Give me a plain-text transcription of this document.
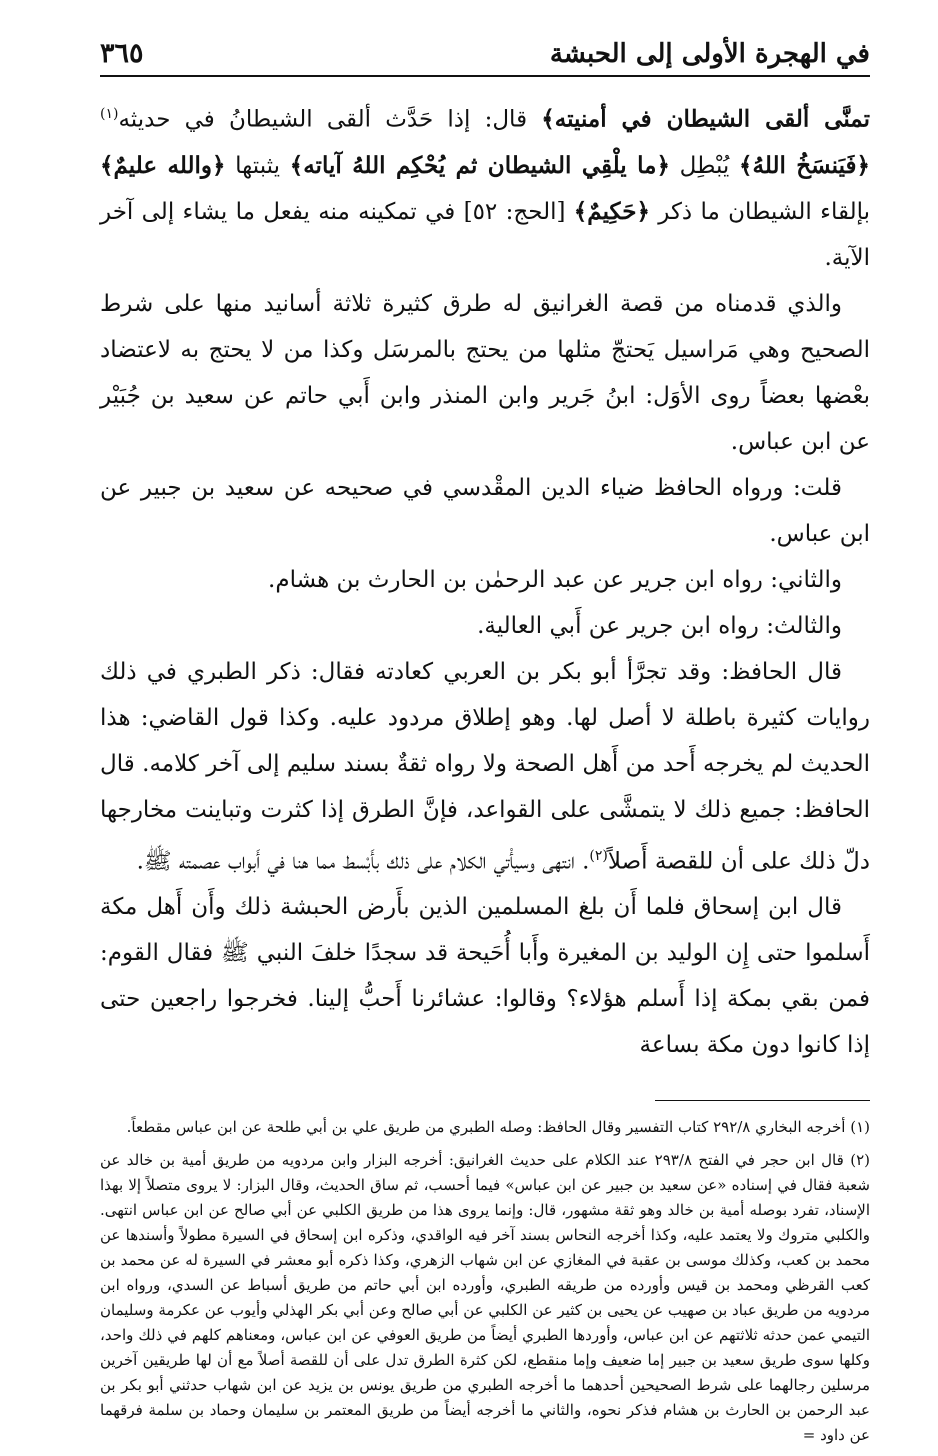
في الهجرة الأولى إلى الحبشة
٣٦٥

تمنَّى ألقى الشيطان في أمنيته﴾ قال: إذا حَدَّث ألقى الشيطانُ في حديثه$^{(١)}$ ﴿فَيَنسَخُ اللهُ﴾ يُبْطِل ﴿ما يلْقِي الشيطان ثم يُحْكِم اللهُ آياته﴾ يثبتها ﴿والله عليمٌ﴾ بإلقاء الشيطان ما ذكر ﴿حَكِيمٌ﴾ [الحج: ٥٢] في تمكينه منه يفعل ما يشاء إلى آخر الآية.

والذي قدمناه من قصة الغرانيق له طرق كثيرة ثلاثة أسانيد منها على شرط الصحيح وهي مَراسيل يَحتجّ مثلها من يحتج بالمرسَل وكذا من لا يحتج به لاعتضاد بعْضها بعضاً روى الأوَل: ابنُ جَرير وابن المنذر وابن أَبي حاتم عن سعيد بن جُبَيْر عن ابن عباس.

قلت: ورواه الحافظ ضياء الدين المقْدسي في صحيحه عن سعيد بن جبير عن ابن عباس.

والثاني: رواه ابن جرير عن عبد الرحمٰن بن الحارث بن هشام.

والثالث: رواه ابن جرير عن أَبي العالية.

قال الحافظ: وقد تجرَّأ أبو بكر بن العربي كعادته فقال: ذكر الطبري في ذلك روايات كثيرة باطلة لا أصل لها. وهو إطلاق مردود عليه. وكذا قول القاضي: هذا الحديث لم يخرجه أَحد من أَهل الصحة ولا رواه ثقةٌ بسند سليم إلى آخر كلامه. قال الحافظ: جميع ذلك لا يتمشَّى على القواعد، فإنَّ الطرق إذا كثرت وتباينت مخارجها دلّ ذلك على أن للقصة أَصلاً$^{(٢)}$. انتهى وسيأْتي الكلام على ذلك بأَبْسط مما هنا في أَبواب عصمته ﷺ.

قال ابن إسحاق فلما أَن بلغ المسلمين الذين بأَرض الحبشة ذلك وأَن أَهل مكة أَسلموا حتى إِن الوليد بن المغيرة وأَبا أُحَيحة قد سجدًا خلفَ النبي ﷺ فقال القوم: فمن بقي بمكة إذا أَسلم هؤلاء؟ وقالوا: عشائرنا أَحبُّ إلينا. فخرجوا راجعين حتى إذا كانوا دون مكة بساعة

(١) أخرجه البخاري ٢٩٢/٨ كتاب التفسير وقال الحافظ: وصله الطبري من طريق علي بن أبي طلحة عن ابن عباس مقطعاً.

(٢) قال ابن حجر في الفتح ٢٩٣/٨ عند الكلام على حديث الغرانيق: أخرجه البزار وابن مردويه من طريق أمية بن خالد عن شعبة فقال في إسناده «عن سعيد بن جبير عن ابن عباس» فيما أحسب، ثم ساق الحديث، وقال البزار: لا يروى متصلاً إلا بهذا الإسناد، تفرد بوصله أمية بن خالد وهو ثقة مشهور، قال: وإنما يروى هذا من طريق الكلبي عن أبي صالح عن ابن عباس انتهى. والكلبي متروك ولا يعتمد عليه، وكذا أخرجه النحاس بسند آخر فيه الواقدي، وذكره ابن إسحاق في السيرة مطولاً وأسندها عن محمد بن كعب، وكذلك موسى بن عقبة في المغازي عن ابن شهاب الزهري، وكذا ذكره أبو معشر في السيرة له عن محمد بن كعب القرظي ومحمد بن قيس وأورده من طريقه الطبري، وأورده ابن أبي حاتم من طريق أسباط عن السدي، ورواه ابن مردويه من طريق عباد بن صهيب عن يحيى بن كثير عن الكلبي عن أبي صالح وعن أبي بكر الهذلي وأيوب عن عكرمة وسليمان التيمي عمن حدثه ثلاثتهم عن ابن عباس، وأوردها الطبري أيضاً من طريق العوفي عن ابن عباس، ومعناهم كلهم في ذلك واحد، وكلها سوى طريق سعيد بن جبير إما ضعيف وإما منقطع، لكن كثرة الطرق تدل على أن للقصة أصلاً مع أن لها طريقين آخرين مرسلين رجالهما على شرط الصحيحين أحدهما ما أخرجه الطبري من طريق يونس بن يزيد عن ابن شهاب حدثني أبو بكر بن عبد الرحمن بن الحارث بن هشام فذكر نحوه، والثاني ما أخرجه أيضاً من طريق المعتمر بن سليمان وحماد بن سلمة فرقهما عن داود =
